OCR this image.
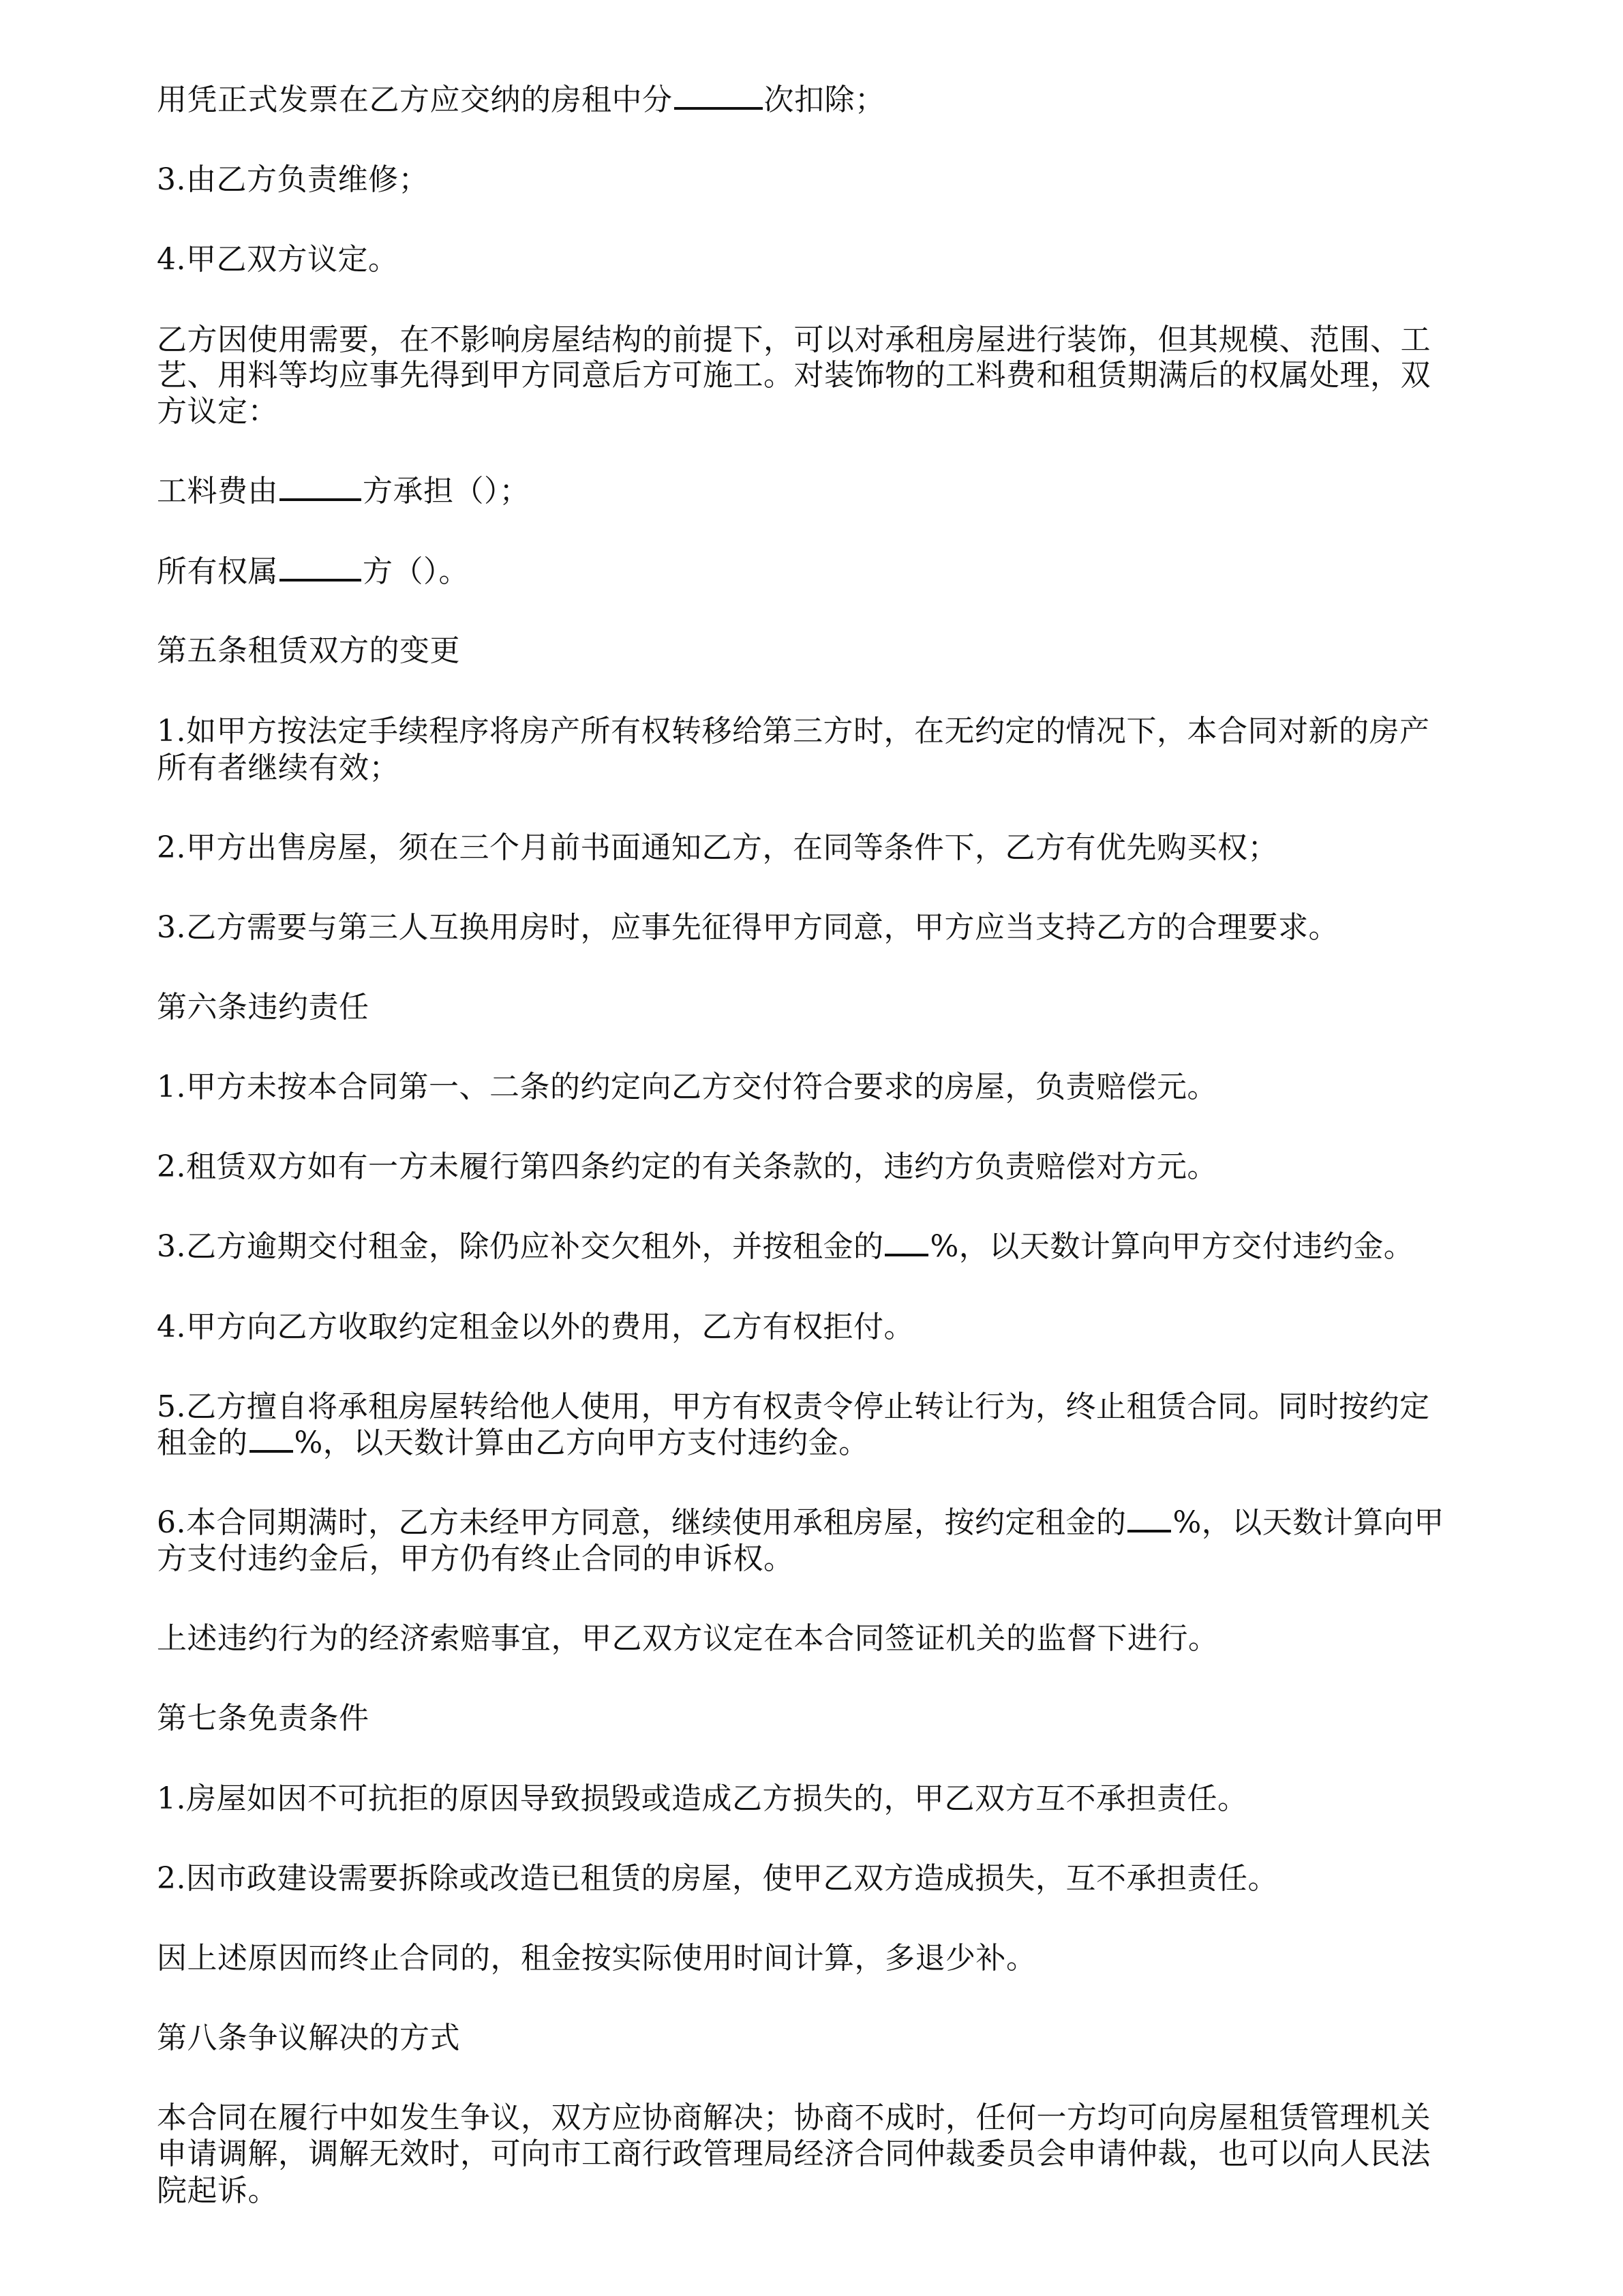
用凭正式发票在乙方应交纳的房租中分	次扣除；
3.由乙方负责维修；
4.甲乙双方议定。
乙方因使用需要，在不影响房屋结构的前提下，可以对承租房屋进行装饰，但其规模、范围、工
艺、用料等均应事先得到甲方同意后方可施工。对装饰物的工料费和租赁期满后的权属处理，双
方议定：
工料费由	方承担（）；
所有权属	方（）。
第五条租赁双方的变更
1.如甲方按法定手续程序将房产所有权转移给第三方时，在无约定的情况下，本合同对新的房产
所有者继续有效；
2.甲方出售房屋，须在三个月前书面通知乙方，在同等条件下，乙方有优先购买权；
3.乙方需要与第三人互换用房时，应事先征得甲方同意，甲方应当支持乙方的合理要求。
第六条违约责任
1.甲方未按本合同第一、二条的约定向乙方交付符合要求的房屋，负责赔偿元。
2.租赁双方如有一方未履行第四条约定的有关条款的，违约方负责赔偿对方元。
3.乙方逾期交付租金，除仍应补交欠租外，并按租金的 %，以天数计算向甲方交付违约金。
4.甲方向乙方收取约定租金以外的费用，乙方有权拒付。
5.乙方擅自将承租房屋转给他人使用，甲方有权责令停止转让行为，终止租赁合同。同时按约定
租金的 %，以天数计算由乙方向甲方支付违约金。
6.本合同期满时，乙方未经甲方同意，继续使用承租房屋，按约定租金的 %，以天数计算向甲
方支付违约金后，甲方仍有终止合同的申诉权。
上述违约行为的经济索赔事宜，甲乙双方议定在本合同签证机关的监督下进行。
第七条免责条件
1.房屋如因不可抗拒的原因导致损毁或造成乙方损失的，甲乙双方互不承担责任。
2.因市政建设需要拆除或改造已租赁的房屋，使甲乙双方造成损失，互不承担责任。
因上述原因而终止合同的，租金按实际使用时间计算，多退少补。
第八条争议解决的方式
本合同在履行中如发生争议，双方应协商解决；协商不成时，任何一方均可向房屋租赁管理机关
申请调解，调解无效时，可向市工商行政管理局经济合同仲裁委员会申请仲裁，也可以向人民法
院起诉。
